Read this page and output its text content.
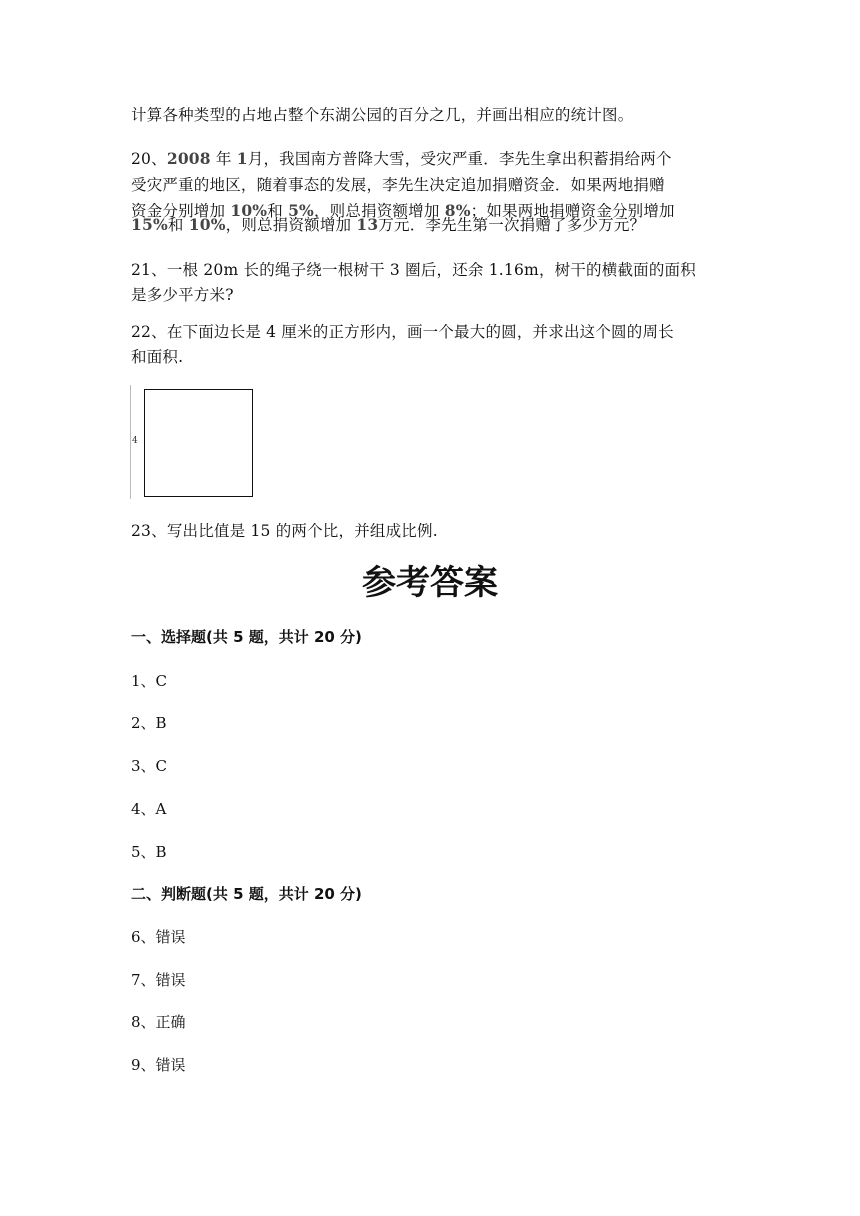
计算各种类型的占地占整个东湖公园的百分之几，并画出相应的统计图。

20、2008 年 1月，我国南方普降大雪，受灾严重．李先生拿出积蓄捐给两个

受灾严重的地区，随着事态的发展，李先生决定追加捐赠资金．如果两地捐赠

资金分别增加 10%和 5%，则总捐资额增加 8%；如果两地捐赠资金分别增加

15%和 10%，则总捐资额增加 13万元．李先生第一次捐赠了多少万元？

21、一根 20m 长的绳子绕一根树干 3 圈后，还余 1.16m，树干的横截面的面积

是多少平方米?

22、在下面边长是 4 厘米的正方形内，画一个最大的圆，并求出这个圆的周长

和面积.

4

23、写出比值是 15 的两个比，并组成比例.

参考答案

一、选择题(共 5 题，共计 20 分)

1、C

2、B

3、C

4、A

5、B

二、判断题(共 5 题，共计 20 分)

6、错误

7、错误

8、正确

9、错误
